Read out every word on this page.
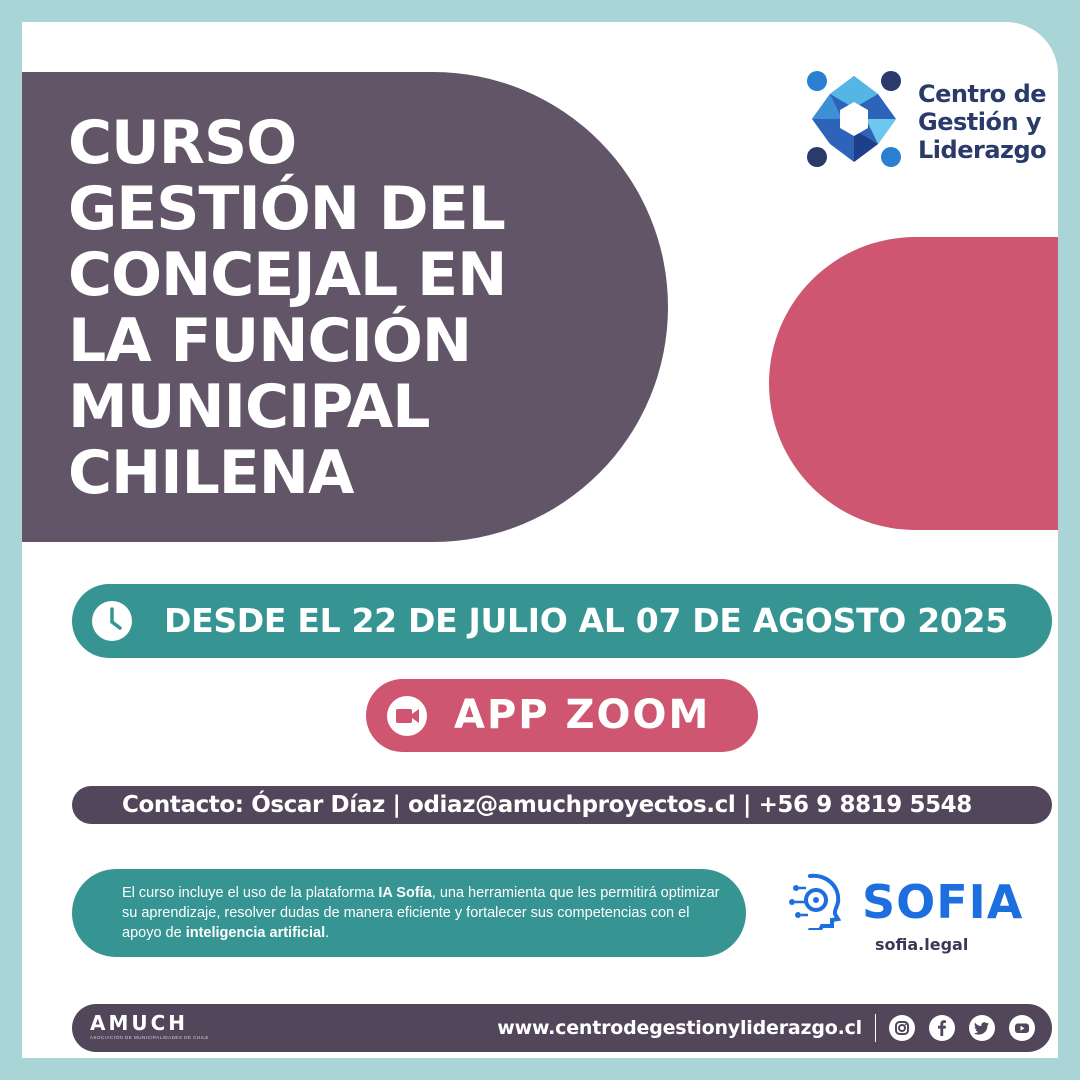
CURSO
GESTIÓN DEL
CONCEJAL EN
LA FUNCIÓN
MUNICIPAL
CHILENA
Centro de
Gestión y
Liderazgo
DESDE EL 22 DE JULIO AL 07 DE AGOSTO 2025
APP ZOOM
Contacto: Óscar Díaz | odiaz@amuchproyectos.cl | +56 9 8819 5548

El curso incluye el uso de la plataforma IA Sofía, una herramienta que les permitirá optimizar su aprendizaje, resolver dudas de manera eficiente y fortalecer sus competencias con el apoyo de inteligencia artificial.

SOFIA
sofia.legal
AMUCH
ASOCIACIÓN DE MUNICIPALIDADES DE CHILE	www.centrodegestionyliderazgo.cl
